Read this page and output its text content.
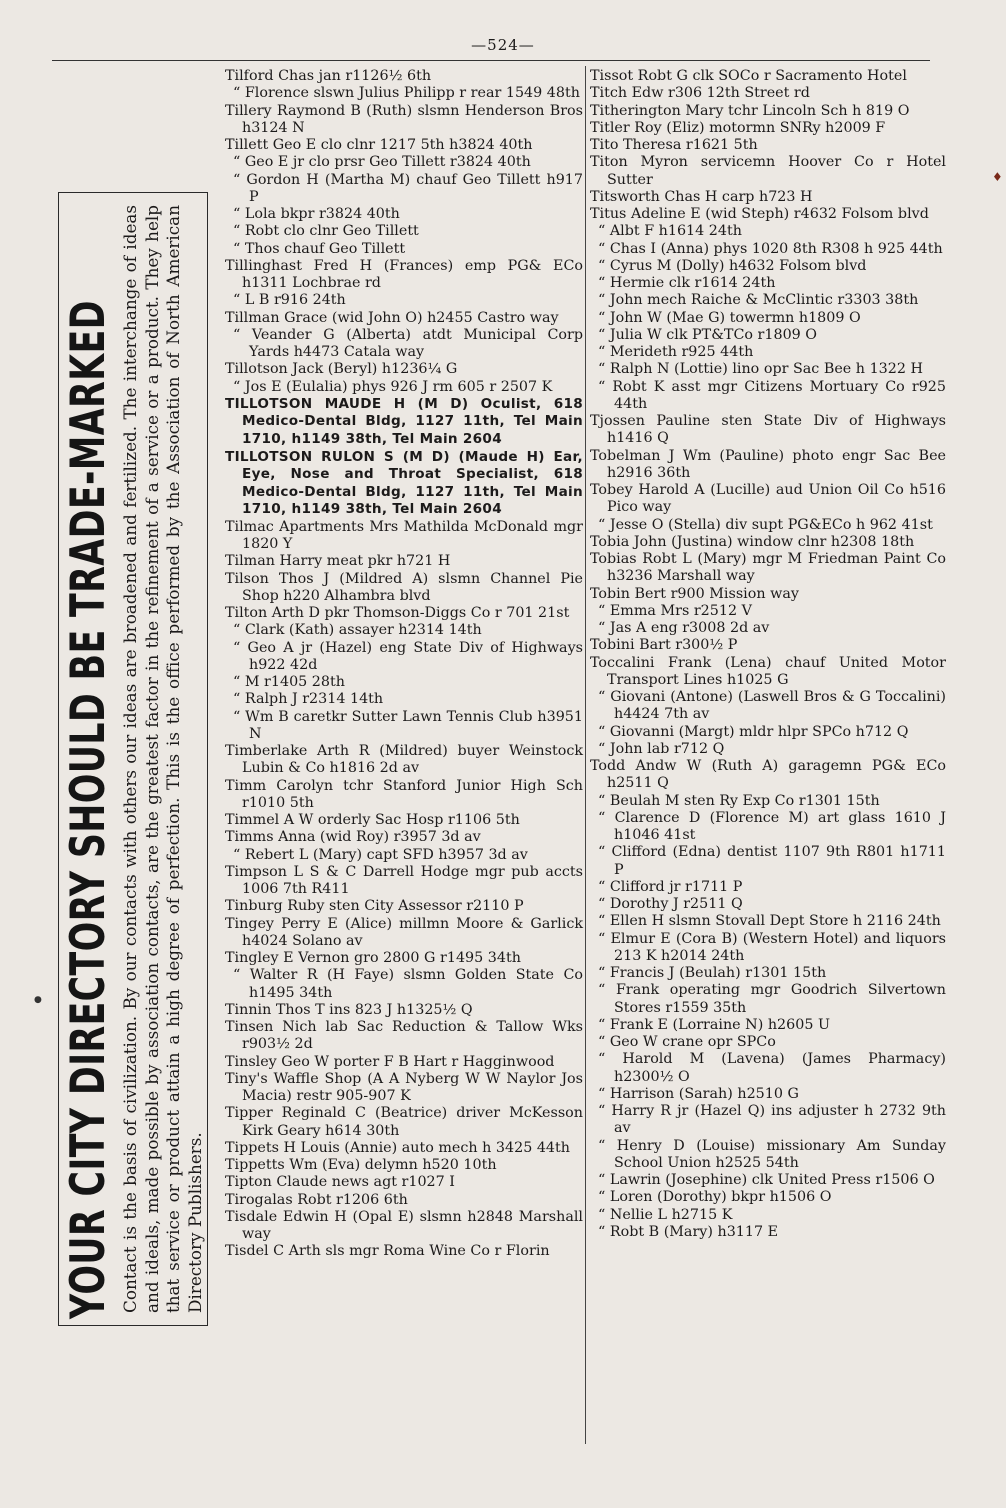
—524—
YOUR CITY DIRECTORY SHOULD BE TRADE-MARKED Contact is the basis of civilization. By our contacts with others our ideas are broadened and fertilized. The interchange of ideas and ideals, made possible by association contacts, are the greatest factor in the refinement of a service or a product. They help that service or product attain a high degree of perfection. This is the office performed by the Association of North American Directory Publishers.
Tilford Chas jan r1126½ 6th
“ Florence slswn Julius Philipp r rear 1549 48th
Tillery Raymond B (Ruth) slsmn Henderson Bros h3124 N
Tillett Geo E clo clnr 1217 5th h3824 40th
“ Geo E jr clo prsr Geo Tillett r3824 40th
“ Gordon H (Martha M) chauf Geo Tillett h917 P
“ Lola bkpr r3824 40th
“ Robt clo clnr Geo Tillett
“ Thos chauf Geo Tillett
Tillinghast Fred H (Frances) emp PG& ECo h1311 Lochbrae rd
“ L B r916 24th
Tillman Grace (wid John O) h2455 Castro way
“ Veander G (Alberta) atdt Municipal Corp Yards h4473 Catala way
Tillotson Jack (Beryl) h1236¼ G
“ Jos E (Eulalia) phys 926 J rm 605 r 2507 K
TILLOTSON MAUDE H (M D) Oculist, 618 Medico-Dental Bldg, 1127 11th, Tel Main 1710, h1149 38th, Tel Main 2604
TILLOTSON RULON S (M D) (Maude H) Ear, Eye, Nose and Throat Specialist, 618 Medico-Dental Bldg, 1127 11th, Tel Main 1710, h1149 38th, Tel Main 2604
Tilmac Apartments Mrs Mathilda McDonald mgr 1820 Y
Tilman Harry meat pkr h721 H
Tilson Thos J (Mildred A) slsmn Channel Pie Shop h220 Alhambra blvd
Tilton Arth D pkr Thomson-Diggs Co r 701 21st
“ Clark (Kath) assayer h2314 14th
“ Geo A jr (Hazel) eng State Div of Highways h922 42d
“ M r1405 28th
“ Ralph J r2314 14th
“ Wm B caretkr Sutter Lawn Tennis Club h3951 N
Timberlake Arth R (Mildred) buyer Weinstock Lubin & Co h1816 2d av
Timm Carolyn tchr Stanford Junior High Sch r1010 5th
Timmel A W orderly Sac Hosp r1106 5th
Timms Anna (wid Roy) r3957 3d av
“ Rebert L (Mary) capt SFD h3957 3d av
Timpson L S & C Darrell Hodge mgr pub accts 1006 7th R411
Tinburg Ruby sten City Assessor r2110 P
Tingey Perry E (Alice) millmn Moore & Garlick h4024 Solano av
Tingley E Vernon gro 2800 G r1495 34th
“ Walter R (H Faye) slsmn Golden State Co h1495 34th
Tinnin Thos T ins 823 J h1325½ Q
Tinsen Nich lab Sac Reduction & Tallow Wks r903½ 2d
Tinsley Geo W porter F B Hart r Hagginwood
Tiny's Waffle Shop (A A Nyberg W W Naylor Jos Macia) restr 905-907 K
Tipper Reginald C (Beatrice) driver McKesson Kirk Geary h614 30th
Tippets H Louis (Annie) auto mech h 3425 44th
Tippetts Wm (Eva) delymn h520 10th
Tipton Claude news agt r1027 I
Tirogalas Robt r1206 6th
Tisdale Edwin H (Opal E) slsmn h2848 Marshall way
Tisdel C Arth sls mgr Roma Wine Co r Florin
Tissot Robt G clk SOCo r Sacramento Hotel
Titch Edw r306 12th Street rd
Titherington Mary tchr Lincoln Sch h 819 O
Titler Roy (Eliz) motormn SNRy h2009 F
Tito Theresa r1621 5th
Titon Myron servicemn Hoover Co r Hotel Sutter
Titsworth Chas H carp h723 H
Titus Adeline E (wid Steph) r4632 Folsom blvd
“ Albt F h1614 24th
“ Chas I (Anna) phys 1020 8th R308 h 925 44th
“ Cyrus M (Dolly) h4632 Folsom blvd
“ Hermie clk r1614 24th
“ John mech Raiche & McClintic r3303 38th
“ John W (Mae G) towermn h1809 O
“ Julia W clk PT&TCo r1809 O
“ Merideth r925 44th
“ Ralph N (Lottie) lino opr Sac Bee h 1322 H
“ Robt K asst mgr Citizens Mortuary Co r925 44th
Tjossen Pauline sten State Div of Highways h1416 Q
Tobelman J Wm (Pauline) photo engr Sac Bee h2916 36th
Tobey Harold A (Lucille) aud Union Oil Co h516 Pico way
“ Jesse O (Stella) div supt PG&ECo h 962 41st
Tobia John (Justina) window clnr h2308 18th
Tobias Robt L (Mary) mgr M Friedman Paint Co h3236 Marshall way
Tobin Bert r900 Mission way
“ Emma Mrs r2512 V
“ Jas A eng r3008 2d av
Tobini Bart r300½ P
Toccalini Frank (Lena) chauf United Motor Transport Lines h1025 G
“ Giovani (Antone) (Laswell Bros & G Toccalini) h4424 7th av
“ Giovanni (Margt) mldr hlpr SPCo h712 Q
“ John lab r712 Q
Todd Andw W (Ruth A) garagemn PG& ECo h2511 Q
“ Beulah M sten Ry Exp Co r1301 15th
“ Clarence D (Florence M) art glass 1610 J h1046 41st
“ Clifford (Edna) dentist 1107 9th R801 h1711 P
“ Clifford jr r1711 P
“ Dorothy J r2511 Q
“ Ellen H slsmn Stovall Dept Store h 2116 24th
“ Elmur E (Cora B) (Western Hotel) and liquors 213 K h2014 24th
“ Francis J (Beulah) r1301 15th
“ Frank operating mgr Goodrich Silvertown Stores r1559 35th
“ Frank E (Lorraine N) h2605 U
“ Geo W crane opr SPCo
“ Harold M (Lavena) (James Pharmacy) h2300½ O
“ Harrison (Sarah) h2510 G
“ Harry R jr (Hazel Q) ins adjuster h 2732 9th av
“ Henry D (Louise) missionary Am Sunday School Union h2525 54th
“ Lawrin (Josephine) clk United Press r1506 O
“ Loren (Dorothy) bkpr h1506 O
“ Nellie L h2715 K
“ Robt B (Mary) h3117 E
♦
●
